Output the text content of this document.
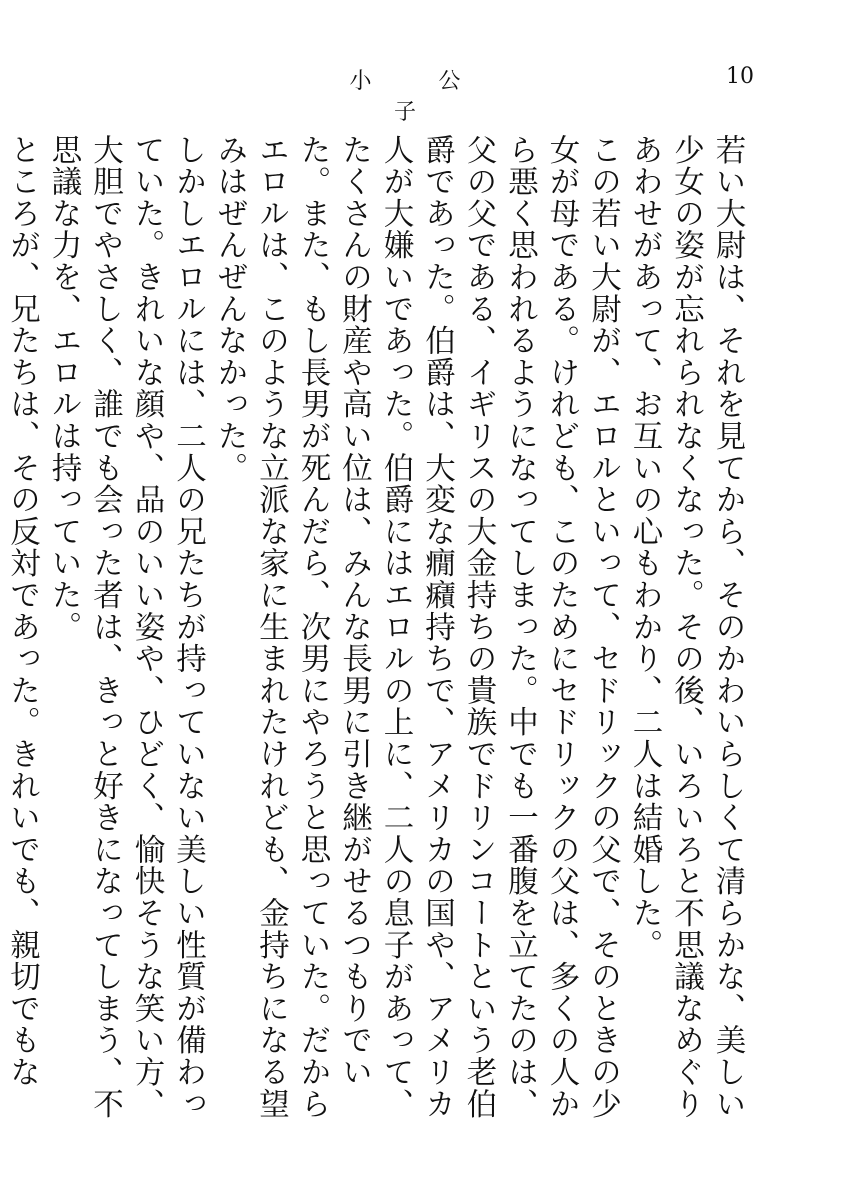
小 公 子
10

若い大尉は、それを見てから、そのかわいらしくて清らかな、美しい少女の姿が忘れられなくなった。その後、いろいろと不思議なめぐりあわせがあって、お互いの心もわかり、二人は結婚した。

この若い大尉が、エロルといって、セドリックの父で、そのときの少女が母である。けれども、このためにセドリックの父は、多くの人から悪く思われるようになってしまった。中でも一番腹を立てたのは、父の父である、イギリスの大金持ちの貴族でドリンコートという老伯爵であった。伯爵は、大変な癇癪持ちで、アメリカの国や、アメリカ人が大嫌いであった。伯爵にはエロルの上に、二人の息子があって、たくさんの財産や高い位は、みんな長男に引き継がせるつもりでいた。また、もし長男が死んだら、次男にやろうと思っていた。だからエロルは、このような立派な家に生まれたけれども、金持ちになる望みはぜんぜんなかった。

しかしエロルには、二人の兄たちが持っていない美しい性質が備わっていた。きれいな顔や、品のいい姿や、ひどく、愉快そうな笑い方、大胆でやさしく、誰でも会った者は、きっと好きになってしまう、不思議な力を、エロルは持っていた。

ところが、兄たちは、その反対であった。きれいでも、親切でもな
